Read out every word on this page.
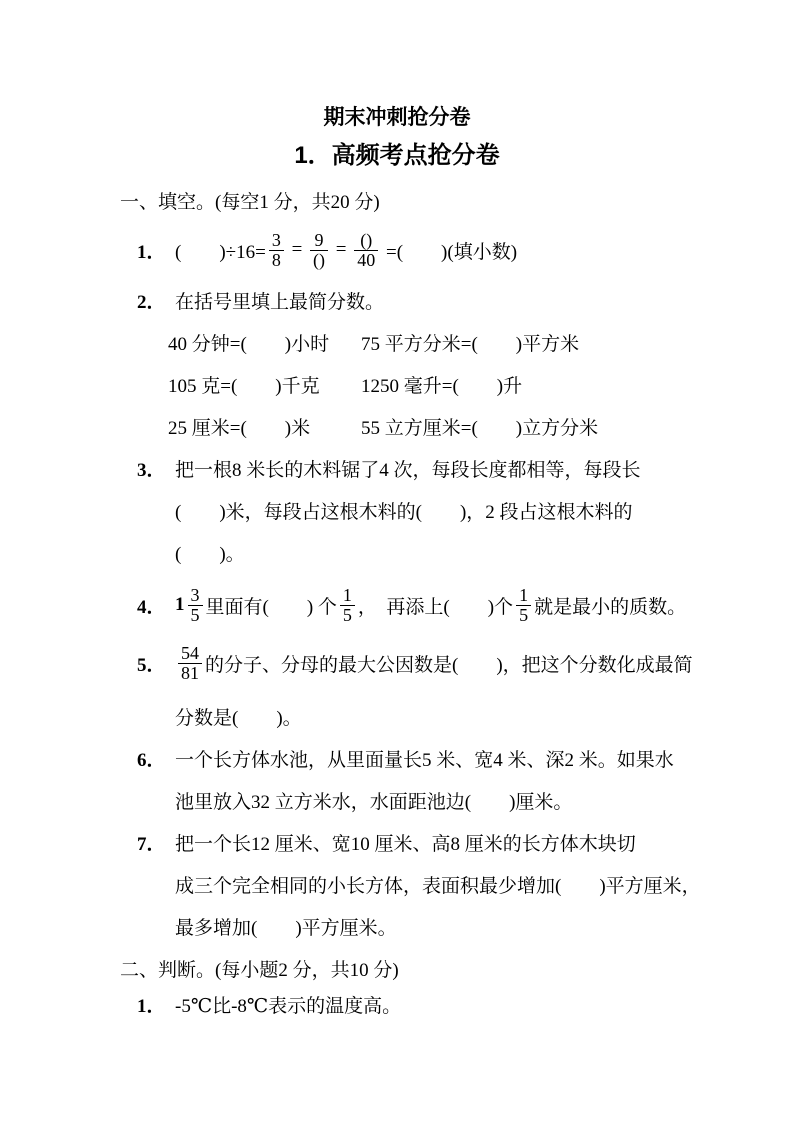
期末冲刺抢分卷
1．高频考点抢分卷
一、填空。(每空1 分，共20 分)
1． (　　)$\div 16= \frac{3}{8} = \frac{9}{()} = \frac{()}{40}$ =(　　)(填小数)
2． 在括号里填上最简分数。
40 分钟=(　　)小时 75 平方分米=(　　)平方米
105 克=(　　)千克 1250 毫升=(　　)升
25 厘米=(　　)米	55 立方厘米=(　　)立方分米
3． 把一根8 米长的木料锯了4 次，每段长度都相等，每段长
(　　)米，每段占这根木料的(　　)，2 段占这根木料的
(　　)。
4． $1 \frac{3}{5}$ 里面有(　　) 个 $\frac{1}{5}$ ，　再添上(　　)个 $\frac{1}{5}$ 就是最小的质数。
5． $\frac{54}{81}$ 的分子、分母的最大公因数是(　　)，把这个分数化成最简
分数是(　　)。
6． 一个长方体水池，从里面量长5 米、宽4 米、深2 米。如果水
池里放入32 立方米水，水面距池边(　　)厘米。
7． 把一个长12 厘米、宽10 厘米、高8 厘米的长方体木块切
成三个完全相同的小长方体，表面积最少增加(　　)平方厘米，
最多增加(　　)平方厘米。
二、判断。(每小题2 分，共10 分)
1． -5℃比-8℃表示的温度高。
